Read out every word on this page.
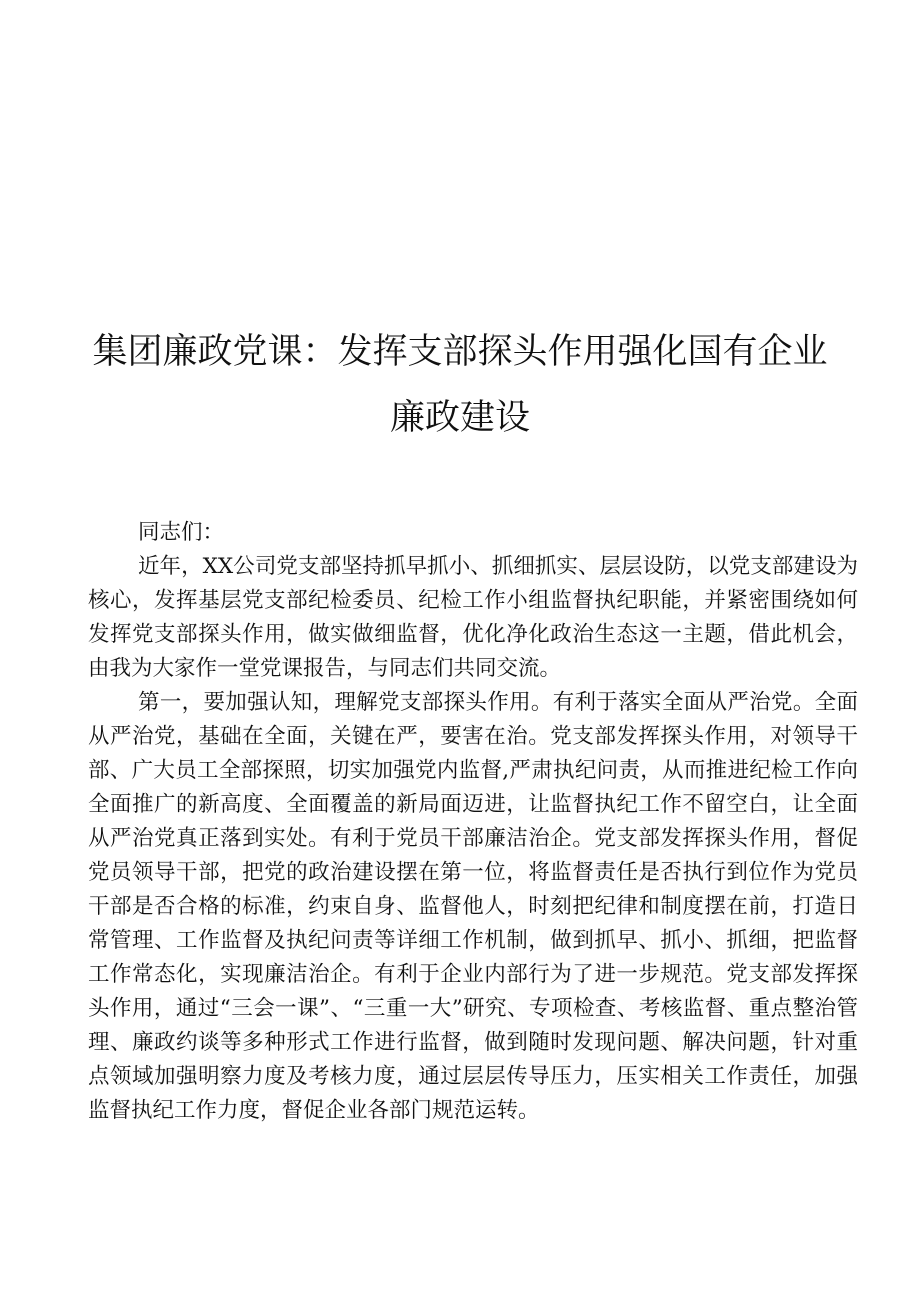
集团廉政党课：发挥支部探头作用强化国有企业
廉政建设

同志们：

近年，XX公司党支部坚持抓早抓小、抓细抓实、层层设防，以党支部建设为核心，发挥基层党支部纪检委员、纪检工作小组监督执纪职能，并紧密围绕如何发挥党支部探头作用，做实做细监督，优化净化政治生态这一主题，借此机会，由我为大家作一堂党课报告，与同志们共同交流。

第一，要加强认知，理解党支部探头作用。有利于落实全面从严治党。全面从严治党，基础在全面，关键在严，要害在治。党支部发挥探头作用，对领导干部、广大员工全部探照，切实加强党内监督,严肃执纪问责，从而推进纪检工作向全面推广的新高度、全面覆盖的新局面迈进，让监督执纪工作不留空白，让全面从严治党真正落到实处。有利于党员干部廉洁治企。党支部发挥探头作用，督促党员领导干部，把党的政治建设摆在第一位，将监督责任是否执行到位作为党员干部是否合格的标准，约束自身、监督他人，时刻把纪律和制度摆在前，打造日常管理、工作监督及执纪问责等详细工作机制，做到抓早、抓小、抓细，把监督工作常态化，实现廉洁治企。有利于企业内部行为了进一步规范。党支部发挥探头作用，通过“三会一课”、“三重一大”研究、专项检查、考核监督、重点整治管理、廉政约谈等多种形式工作进行监督，做到随时发现问题、解决问题，针对重点领域加强明察力度及考核力度，通过层层传导压力，压实相关工作责任，加强监督执纪工作力度，督促企业各部门规范运转。
